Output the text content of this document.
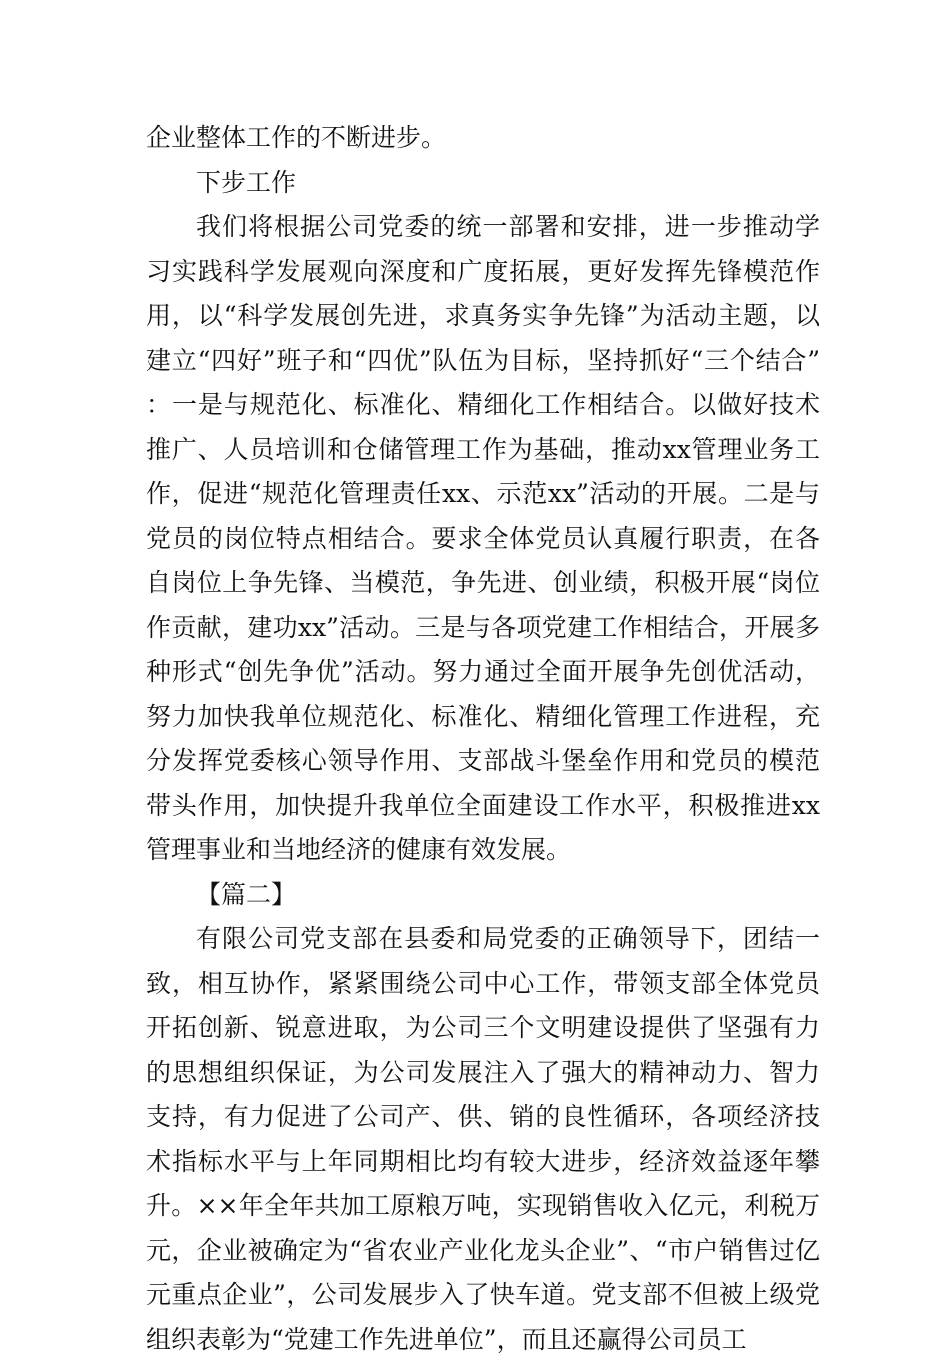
企业整体工作的不断进步。

下步工作

我们将根据公司党委的统一部署和安排，进一步推动学习实践科学发展观向深度和广度拓展，更好发挥先锋模范作用，以“科学发展创先进，求真务实争先锋”为活动主题，以建立“四好”班子和“四优”队伍为目标，坚持抓好“三个结合”：一是与规范化、标准化、精细化工作相结合。以做好技术推广、人员培训和仓储管理工作为基础，推动xx管理业务工作，促进“规范化管理责任xx、示范xx”活动的开展。二是与党员的岗位特点相结合。要求全体党员认真履行职责，在各自岗位上争先锋、当模范，争先进、创业绩，积极开展“岗位作贡献，建功xx”活动。三是与各项党建工作相结合，开展多种形式“创先争优”活动。努力通过全面开展争先创优活动，努力加快我单位规范化、标准化、精细化管理工作进程，充分发挥党委核心领导作用、支部战斗堡垒作用和党员的模范带头作用，加快提升我单位全面建设工作水平，积极推进xx管理事业和当地经济的健康有效发展。

【篇二】

有限公司党支部在县委和局党委的正确领导下，团结一致，相互协作，紧紧围绕公司中心工作，带领支部全体党员开拓创新、锐意进取，为公司三个文明建设提供了坚强有力的思想组织保证，为公司发展注入了强大的精神动力、智力支持，有力促进了公司产、供、销的良性循环，各项经济技术指标水平与上年同期相比均有较大进步，经济效益逐年攀升。××年全年共加工原粮万吨，实现销售收入亿元，利税万元，企业被确定为“省农业产业化龙头企业”、“市户销售过亿元重点企业”，公司发展步入了快车道。党支部不但被上级党组织表彰为“党建工作先进单位”，而且还赢得公司员工
